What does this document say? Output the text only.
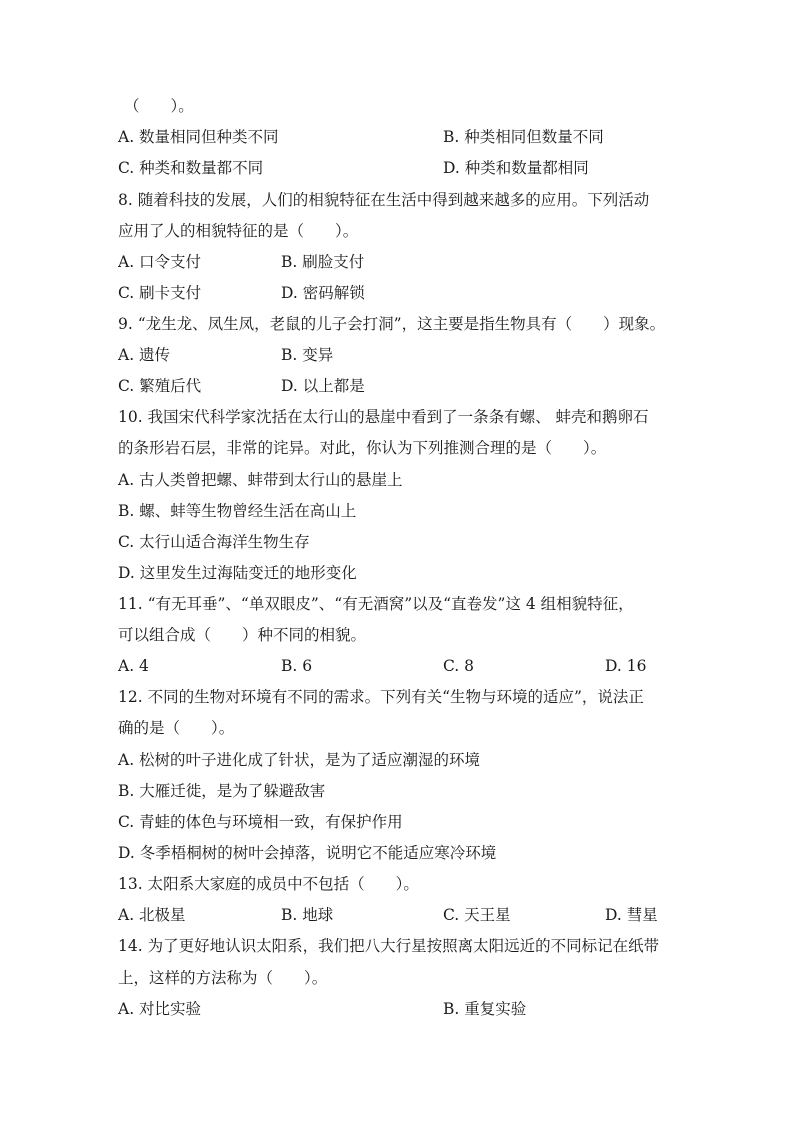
（　　）。
A. 数量相同但种类不同	B. 种类相同但数量不同
C. 种类和数量都不同	D. 种类和数量都相同
8. 随着科技的发展，人们的相貌特征在生活中得到越来越多的应用。下列活动
应用了人的相貌特征的是（　　）。
A. 口令支付	B. 刷脸支付
C. 刷卡支付	D. 密码解锁
9. “龙生龙、凤生凤，老鼠的儿子会打洞”，这主要是指生物具有（　　）现象。
A. 遗传	B. 变异
C. 繁殖后代	D. 以上都是
10. 我国宋代科学家沈括在太行山的悬崖中看到了一条条有螺、 蚌壳和鹅卵石
的条形岩石层，非常的诧异。对此，你认为下列推测合理的是（　　）。
A. 古人类曾把螺、蚌带到太行山的悬崖上
B. 螺、蚌等生物曾经生活在高山上
C. 太行山适合海洋生物生存
D. 这里发生过海陆变迁的地形变化
11. “有无耳垂”、“单双眼皮”、“有无酒窝”以及“直卷发”这 4 组相貌特征，
可以组合成（　　）种不同的相貌。
A. 4	B. 6	C. 8	D. 16
12. 不同的生物对环境有不同的需求。下列有关“生物与环境的适应”，说法正
确的是（　　）。
A. 松树的叶子进化成了针状，是为了适应潮湿的环境
B. 大雁迁徙，是为了躲避敌害
C. 青蛙的体色与环境相一致，有保护作用
D. 冬季梧桐树的树叶会掉落，说明它不能适应寒冷环境
13. 太阳系大家庭的成员中不包括（　　）。
A. 北极星	B. 地球	C. 天王星	D. 彗星
14. 为了更好地认识太阳系，我们把八大行星按照离太阳远近的不同标记在纸带
上，这样的方法称为（　　）。
A. 对比实验	B. 重复实验
